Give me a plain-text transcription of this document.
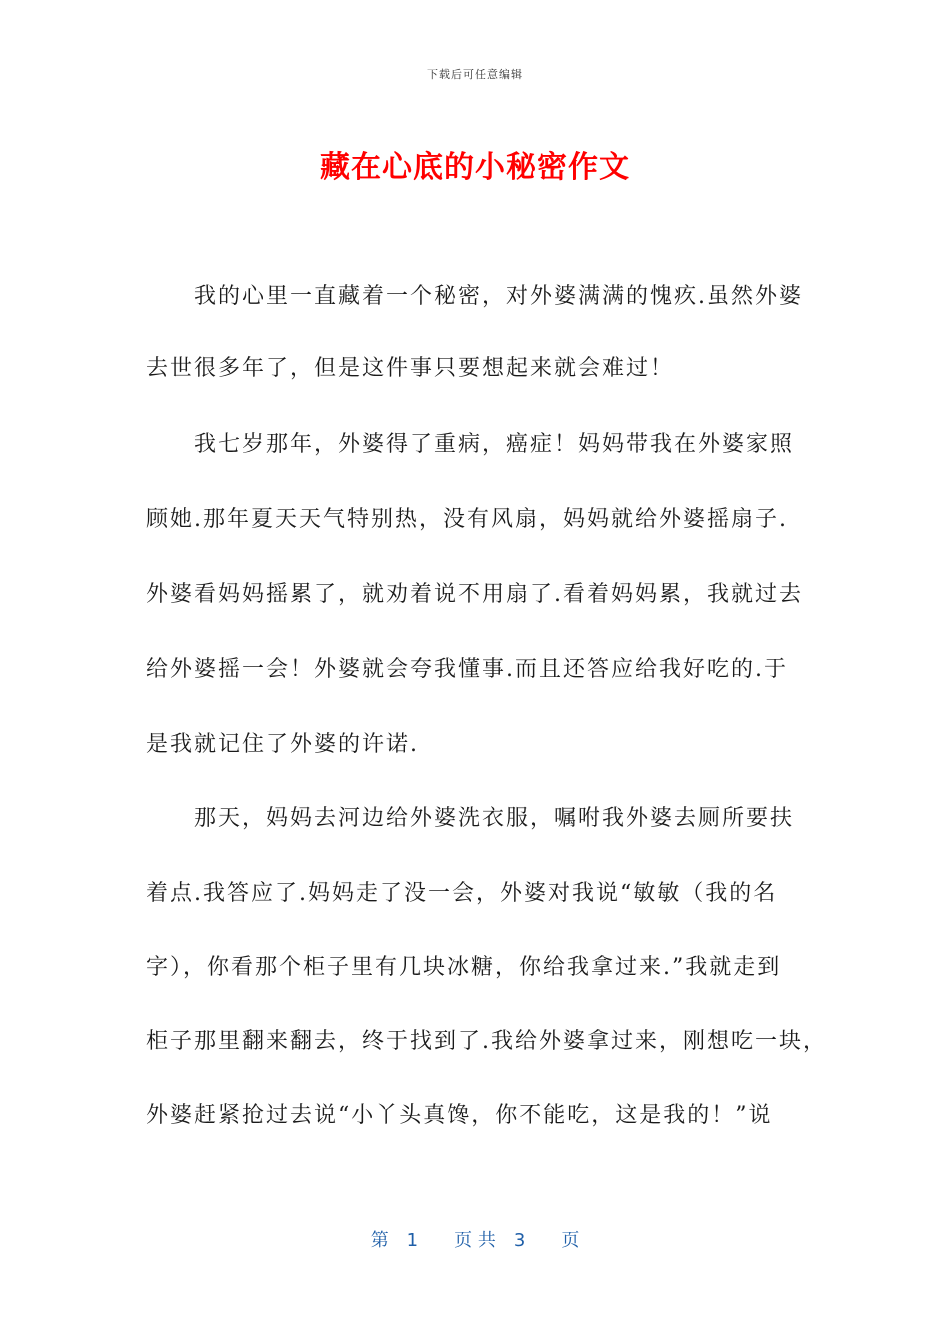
下载后可任意编辑
藏在心底的小秘密作文
我的心里一直藏着一个秘密，对外婆满满的愧疚.虽然外婆
去世很多年了，但是这件事只要想起来就会难过！
我七岁那年，外婆得了重病，癌症！妈妈带我在外婆家照
顾她.那年夏天天气特别热，没有风扇，妈妈就给外婆摇扇子.
外婆看妈妈摇累了，就劝着说不用扇了.看着妈妈累，我就过去
给外婆摇一会！外婆就会夸我懂事.而且还答应给我好吃的.于
是我就记住了外婆的许诺.
那天，妈妈去河边给外婆洗衣服，嘱咐我外婆去厕所要扶
着点.我答应了.妈妈走了没一会，外婆对我说“敏敏（我的名
字），你看那个柜子里有几块冰糖，你给我拿过来.”我就走到
柜子那里翻来翻去，终于找到了.我给外婆拿过来，刚想吃一块，
外婆赶紧抢过去说“小丫头真馋，你不能吃，这是我的！”说
第　1　　页 共　3　　页
